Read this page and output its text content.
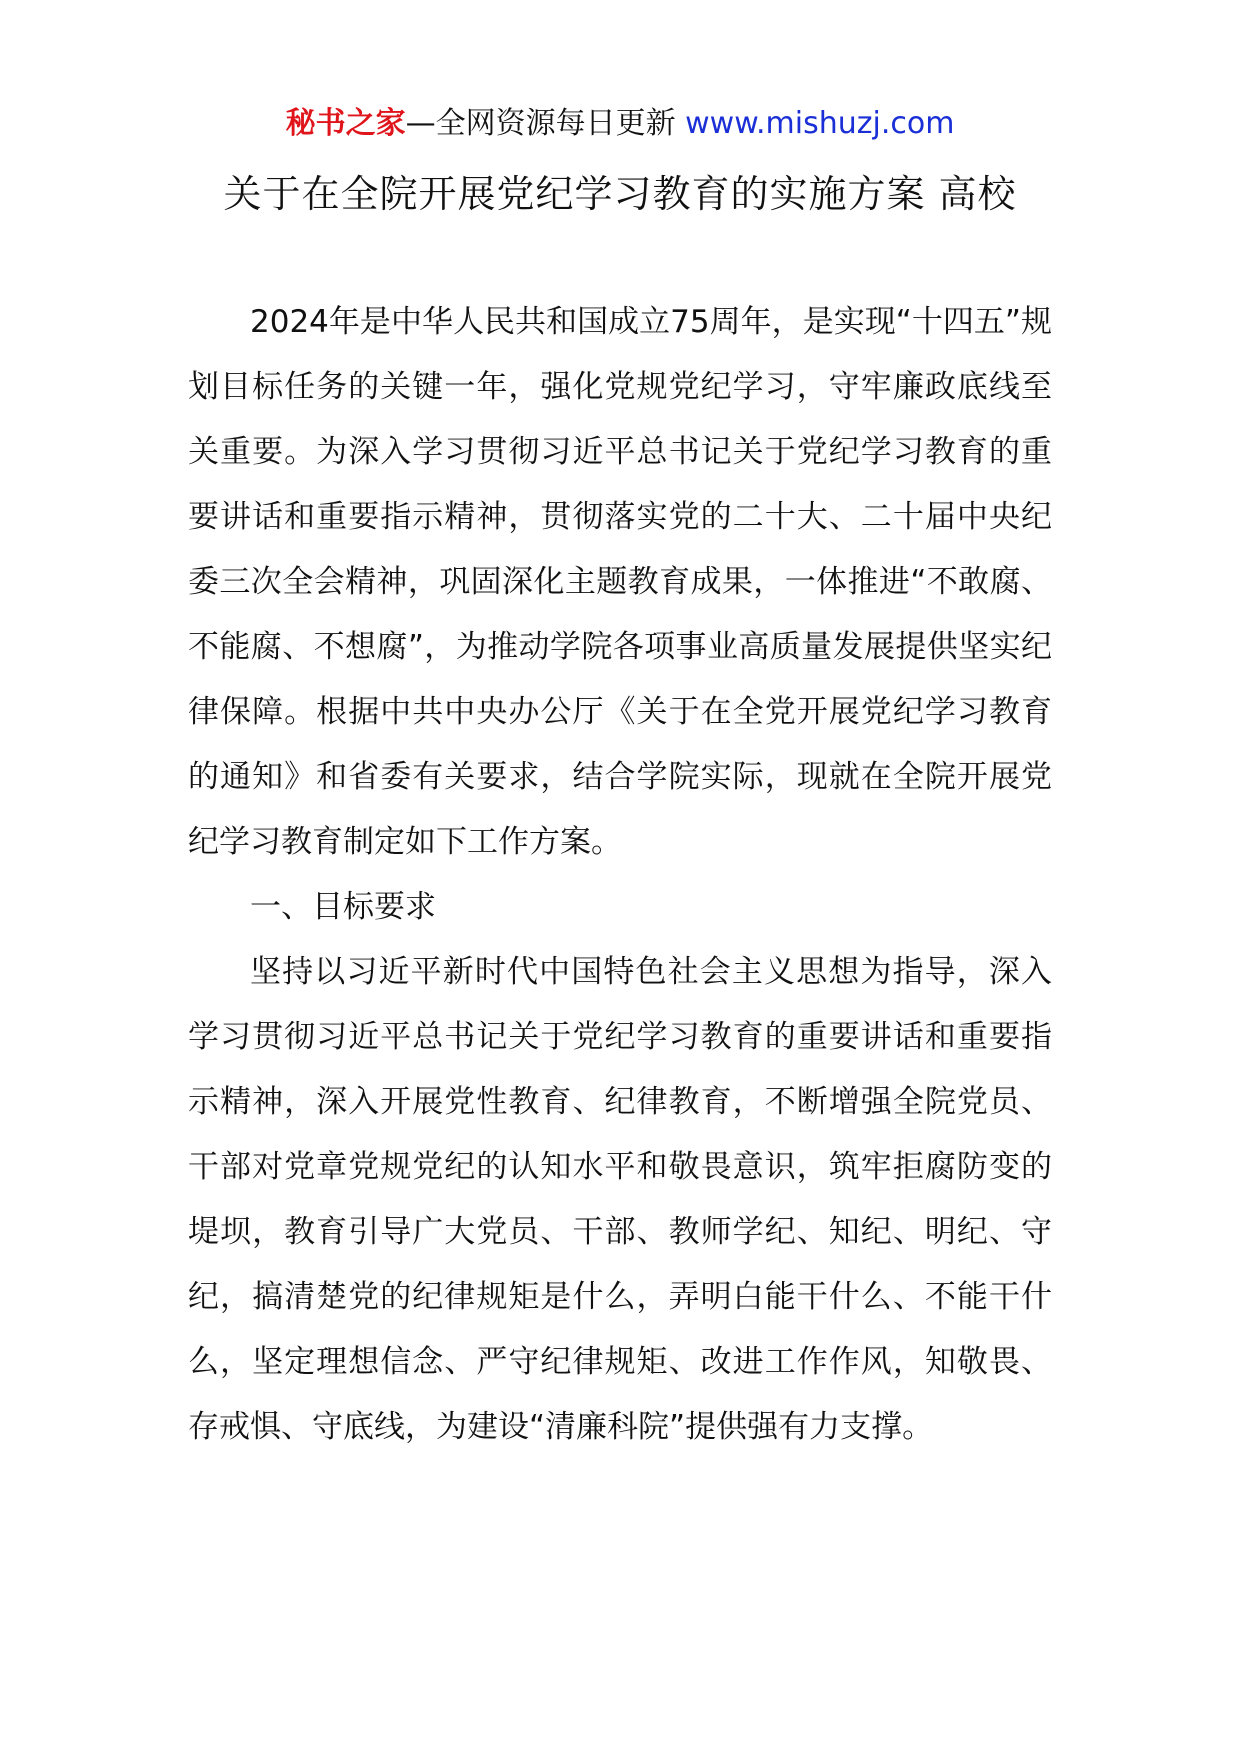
秘书之家—全网资源每日更新 www.mishuzj.com
关于在全院开展党纪学习教育的实施方案 高校

2024年是中华人民共和国成立75周年，是实现“十四五”规划目标任务的关键一年，强化党规党纪学习，守牢廉政底线至关重要。为深入学习贯彻习近平总书记关于党纪学习教育的重要讲话和重要指示精神，贯彻落实党的二十大、二十届中央纪委三次全会精神，巩固深化主题教育成果，一体推进“不敢腐、不能腐、不想腐”，为推动学院各项事业高质量发展提供坚实纪律保障。根据中共中央办公厅《关于在全党开展党纪学习教育的通知》和省委有关要求，结合学院实际，现就在全院开展党纪学习教育制定如下工作方案。

一、目标要求

坚持以习近平新时代中国特色社会主义思想为指导，深入学习贯彻习近平总书记关于党纪学习教育的重要讲话和重要指示精神，深入开展党性教育、纪律教育，不断增强全院党员、干部对党章党规党纪的认知水平和敬畏意识，筑牢拒腐防变的堤坝，教育引导广大党员、干部、教师学纪、知纪、明纪、守纪，搞清楚党的纪律规矩是什么，弄明白能干什么、不能干什么，坚定理想信念、严守纪律规矩、改进工作作风，知敬畏、存戒惧、守底线，为建设“清廉科院”提供强有力支撑。
